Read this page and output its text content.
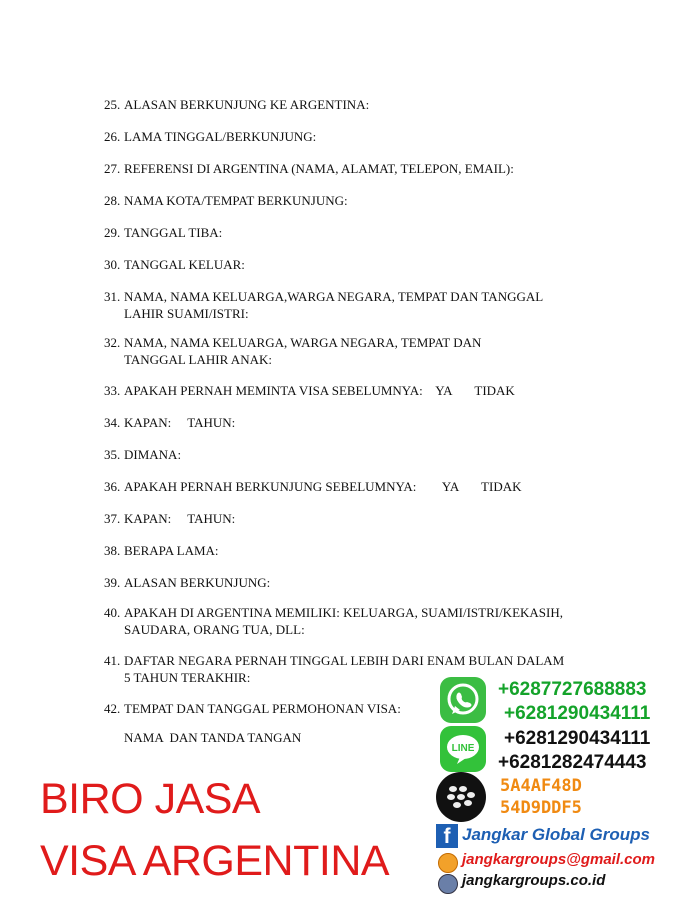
25. ALASAN BERKUNJUNG KE ARGENTINA:
26. LAMA TINGGAL/BERKUNJUNG:
27. REFERENSI DI ARGENTINA (NAMA, ALAMAT, TELEPON, EMAIL):
28. NAMA KOTA/TEMPAT BERKUNJUNG:
29. TANGGAL TIBA:
30. TANGGAL KELUAR:
31. NAMA, NAMA KELUARGA,WARGA NEGARA, TEMPAT DAN TANGGAL
LAHIR SUAMI/ISTRI:
32. NAMA, NAMA KELUARGA, WARGA NEGARA, TEMPAT DAN
TANGGAL LAHIR ANAK:
33. APAKAH PERNAH MEMINTA VISA SEBELUMNYA:    YA       TIDAK
34. KAPAN:     TAHUN:
35. DIMANA:
36. APAKAH PERNAH BERKUNJUNG SEBELUMNYA:        YA       TIDAK
37. KAPAN:     TAHUN:
38. BERAPA LAMA:
39. ALASAN BERKUNJUNG:
40. APAKAH DI ARGENTINA MEMILIKI: KELUARGA, SUAMI/ISTRI/KEKASIH,
SAUDARA, ORANG TUA, DLL:
41. DAFTAR NEGARA PERNAH TINGGAL LEBIH DARI ENAM BULAN DALAM
5 TAHUN TERAKHIR:
42. TEMPAT DAN TANGGAL PERMOHONAN VISA:
NAMA  DAN TANDA TANGAN
BIRO JASA
VISA ARGENTINA
+6287727688883
+6281290434111
LINE +6281290434111
+6281282474443
5A4AF48D
54D9DDF5
f Jangkar Global Groups
jangkargroups@gmail.com
jangkargroups.co.id
